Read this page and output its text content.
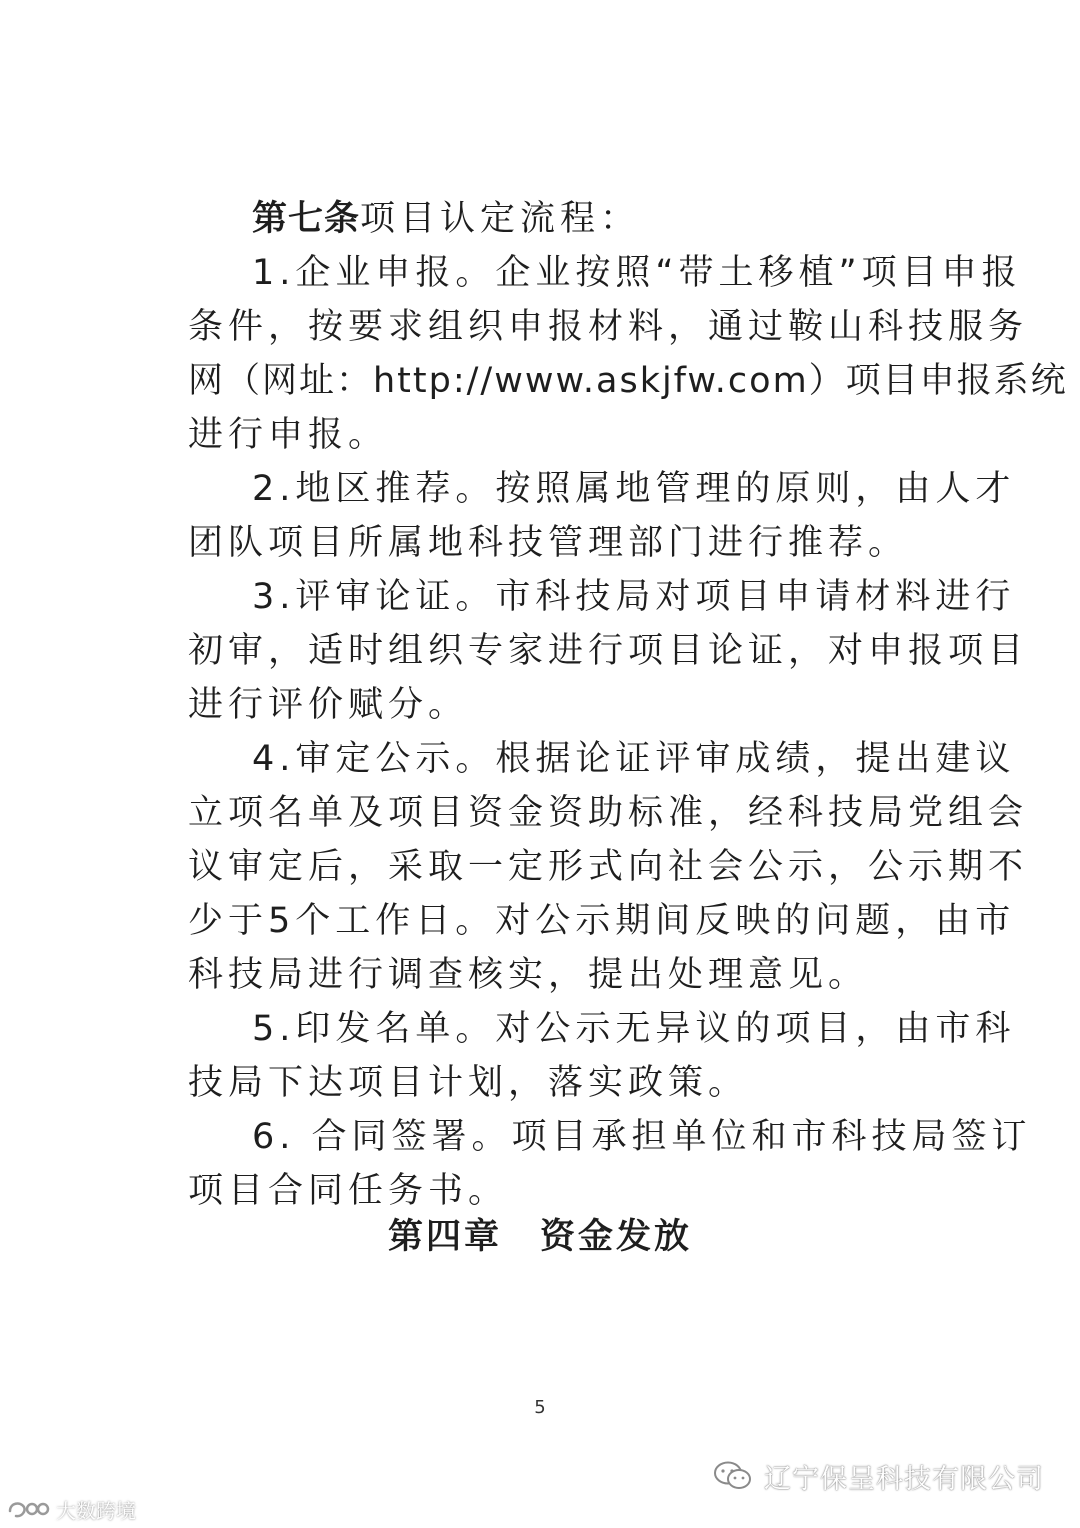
第七条项目认定流程：
1.企业申报。企业按照“带土移植”项目申报
条件，按要求组织申报材料，通过鞍山科技服务
网（网址：http://www.askjfw.com）项目申报系统
进行申报。
2.地区推荐。按照属地管理的原则，由人才
团队项目所属地科技管理部门进行推荐。
3.评审论证。市科技局对项目申请材料进行
初审，适时组织专家进行项目论证，对申报项目
进行评价赋分。
4.审定公示。根据论证评审成绩，提出建议
立项名单及项目资金资助标准，经科技局党组会
议审定后，采取一定形式向社会公示，公示期不
少于5个工作日。对公示期间反映的问题，由市
科技局进行调查核实，提出处理意见。
5.印发名单。对公示无异议的项目，由市科
技局下达项目计划，落实政策。
6. 合同签署。项目承担单位和市科技局签订
项目合同任务书。
第四章　资金发放
5
辽宁保呈科技有限公司
大数跨境
